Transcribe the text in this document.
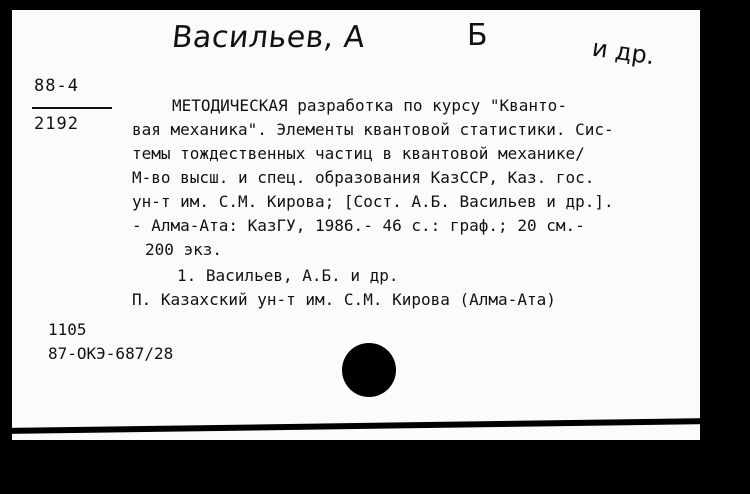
Васильев, А	Б	и др.
88-4
2192
МЕТОДИЧЕСКАЯ разработка по курсу "Кванто-
вая механика". Элементы квантовой статистики. Сис-
темы тождественных частиц в квантовой механике/
М-во высш. и спец. образования КазССР, Каз. гос.
ун-т им. С.М. Кирова; [Сост. А.Б. Васильев и др.].
- Алма-Ата: КазГУ, 1986.- 46 с.: граф.; 20 см.-
200 экз.
1. Васильев, А.Б. и др.
П. Казахский ун-т им. С.М. Кирова (Алма-Ата)
1105
87-ОКЭ-687/28
